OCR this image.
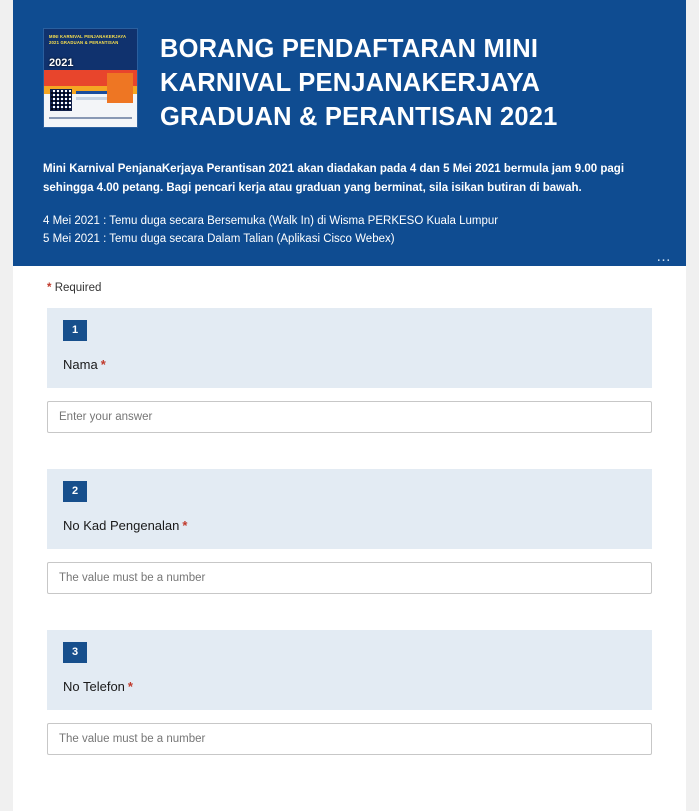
MINI KARNIVAL PENJANAKERJAYA 2021 GRADUAN & PERANTISAN
2021	BORANG PENDAFTARAN MINI KARNIVAL PENJANAKERJAYA GRADUAN & PERANTISAN 2021
Mini Karnival PenjanaKerjaya Perantisan 2021 akan diadakan pada 4 dan 5 Mei 2021 bermula jam 9.00 pagi sehingga 4.00 petang. Bagi pencari kerja atau graduan yang berminat, sila isikan butiran di bawah.
4 Mei 2021 : Temu duga secara Bersemuka (Walk In) di Wisma PERKESO Kuala Lumpur
5 Mei 2021 : Temu duga secara Dalam Talian (Aplikasi Cisco Webex)
…
* Required
1
Nama *
Enter your answer
2
No Kad Pengenalan *
The value must be a number
3
No Telefon *
The value must be a number
